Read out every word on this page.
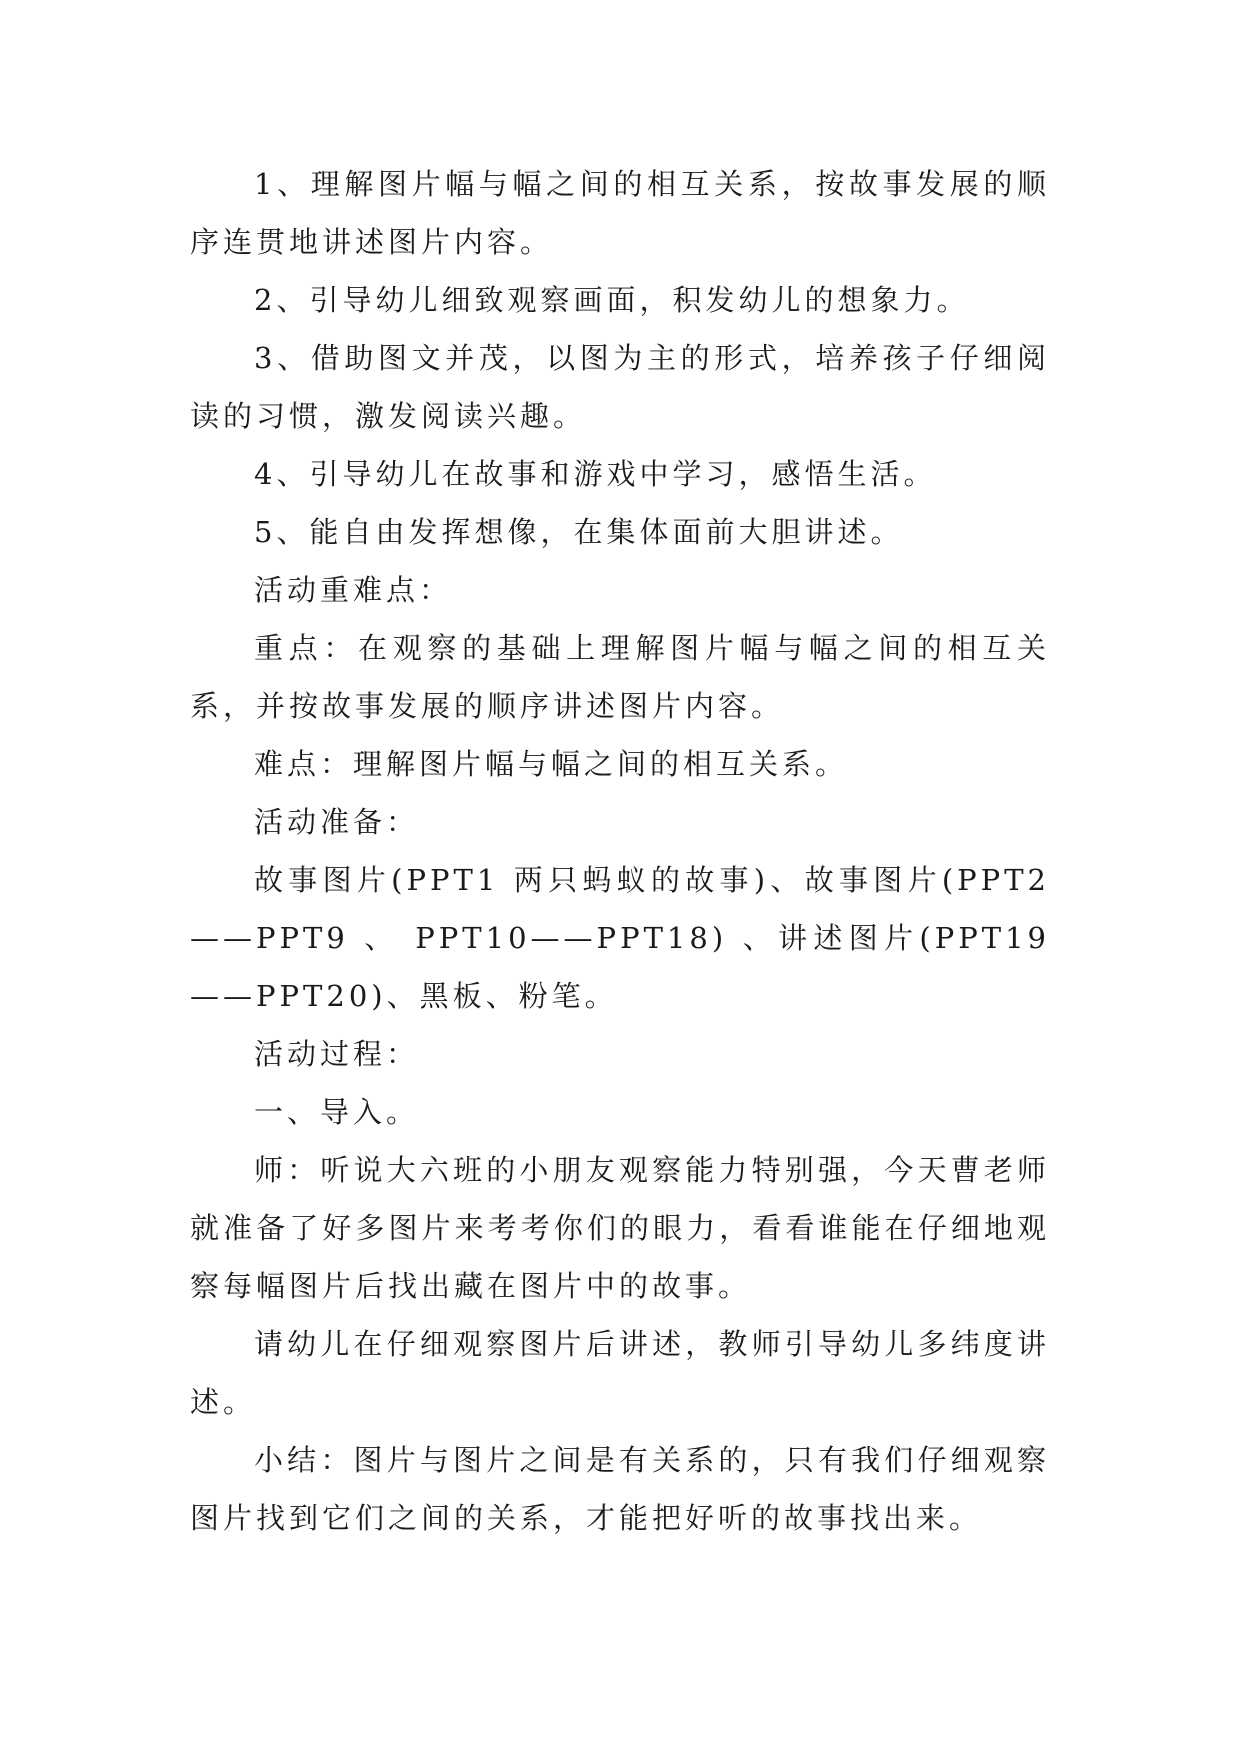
1、理解图片幅与幅之间的相互关系，按故事发展的顺序连贯地讲述图片内容。

2、引导幼儿细致观察画面，积发幼儿的想象力。

3、借助图文并茂，以图为主的形式，培养孩子仔细阅读的习惯，激发阅读兴趣。

4、引导幼儿在故事和游戏中学习，感悟生活。

5、能自由发挥想像，在集体面前大胆讲述。

活动重难点：

重点：在观察的基础上理解图片幅与幅之间的相互关系，并按故事发展的顺序讲述图片内容。

难点：理解图片幅与幅之间的相互关系。

活动准备：

故事图片(PPT1 两只蚂蚁的故事)、故事图片(PPT2——PPT9 、 PPT10——PPT18) 、讲述图片(PPT19——PPT20)、黑板、粉笔。

活动过程：

一、导入。

师：听说大六班的小朋友观察能力特别强，今天曹老师就准备了好多图片来考考你们的眼力，看看谁能在仔细地观察每幅图片后找出藏在图片中的故事。

请幼儿在仔细观察图片后讲述，教师引导幼儿多纬度讲述。

小结：图片与图片之间是有关系的，只有我们仔细观察图片找到它们之间的关系，才能把好听的故事找出来。
